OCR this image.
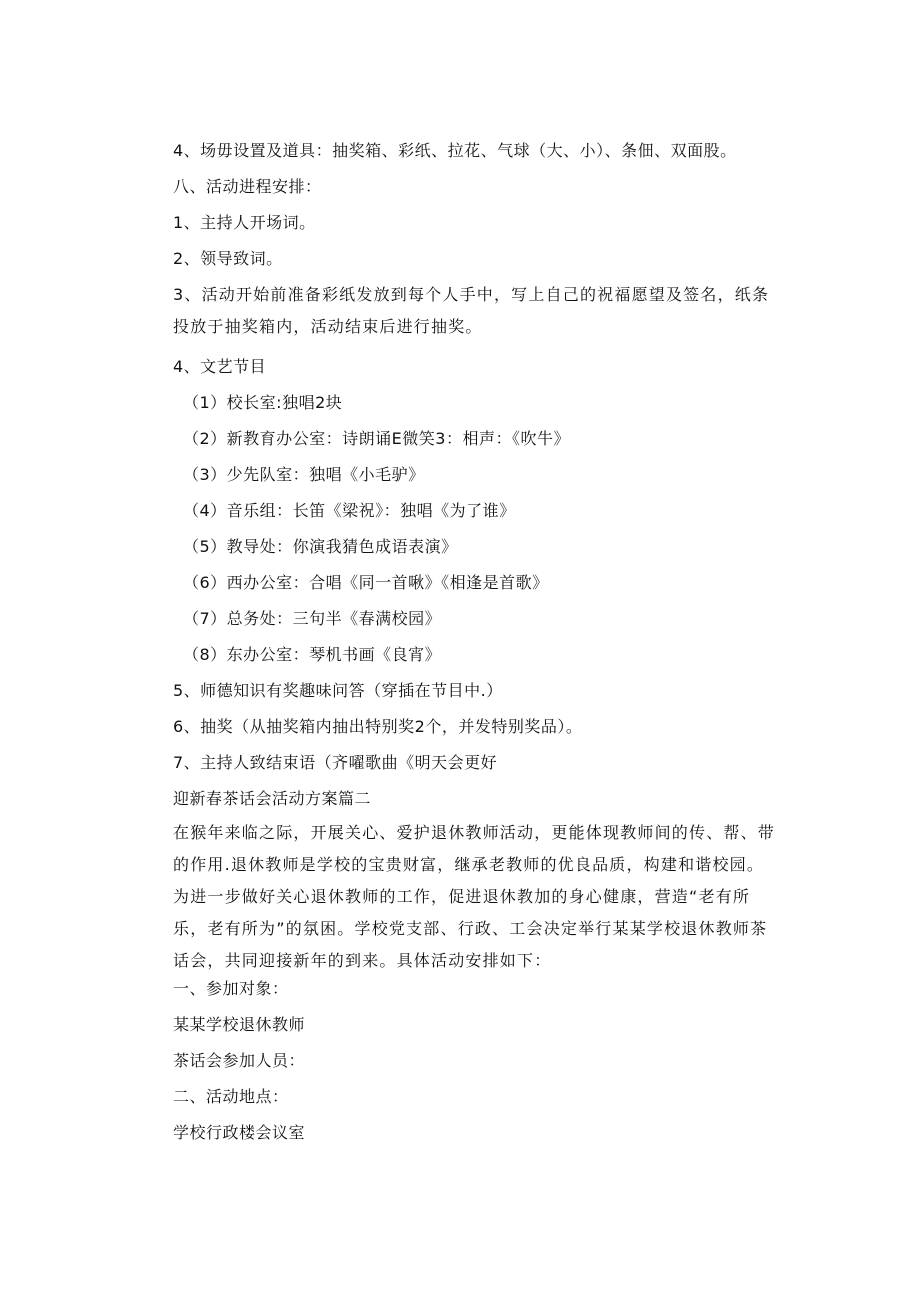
4、场毋设置及道具：抽奖箱、彩纸、拉花、气球（大、小）、条佃、双面股。
八、活动进程安排：
1、主持人开场词。
2、领导致词。
3、活动开始前准备彩纸发放到每个人手中，写上自己的祝福愿望及签名，纸条投放于抽奖箱内，活动结束后进行抽奖。
4、文艺节目
（1）校长室:独唱2块
（2）新教育办公室：诗朗诵E微笑3：相声：《吹牛》
（3）少先队室：独唱《小毛驴》
（4）音乐组：长笛《梁祝》：独唱《为了谁》
（5）教导处：你演我猜色成语表演》
（6）西办公室：合唱《同一首啾》《相逢是首歌》
（7）总务处：三句半《春满校园》
（8）东办公室：琴机书画《良宵》
5、师德知识有奖趣味问答（穿插在节目中.）
6、抽奖（从抽奖箱内抽出特别奖2个，并发特别奖品）。
7、主持人致结束语（齐嚁歌曲《明天会更好
迎新春茶话会活动方案篇二
在猴年来临之际，开展关心、爱护退休教师活动，更能体现教师间的传、帮、带的作用.退休教师是学校的宝贵财富，继承老教师的优良品质，构建和谐校园。为进一步做好关心退休教师的工作，促进退休教加的身心健康，营造“老有所乐，老有所为”的氛困。学校党支部、行政、工会决定举行某某学校退休教师茶话会，共同迎接新年的到来。具体活动安排如下：
一、参加对象：
某某学校退休教师
茶话会参加人员：
二、活动地点：
学校行政楼会议室
